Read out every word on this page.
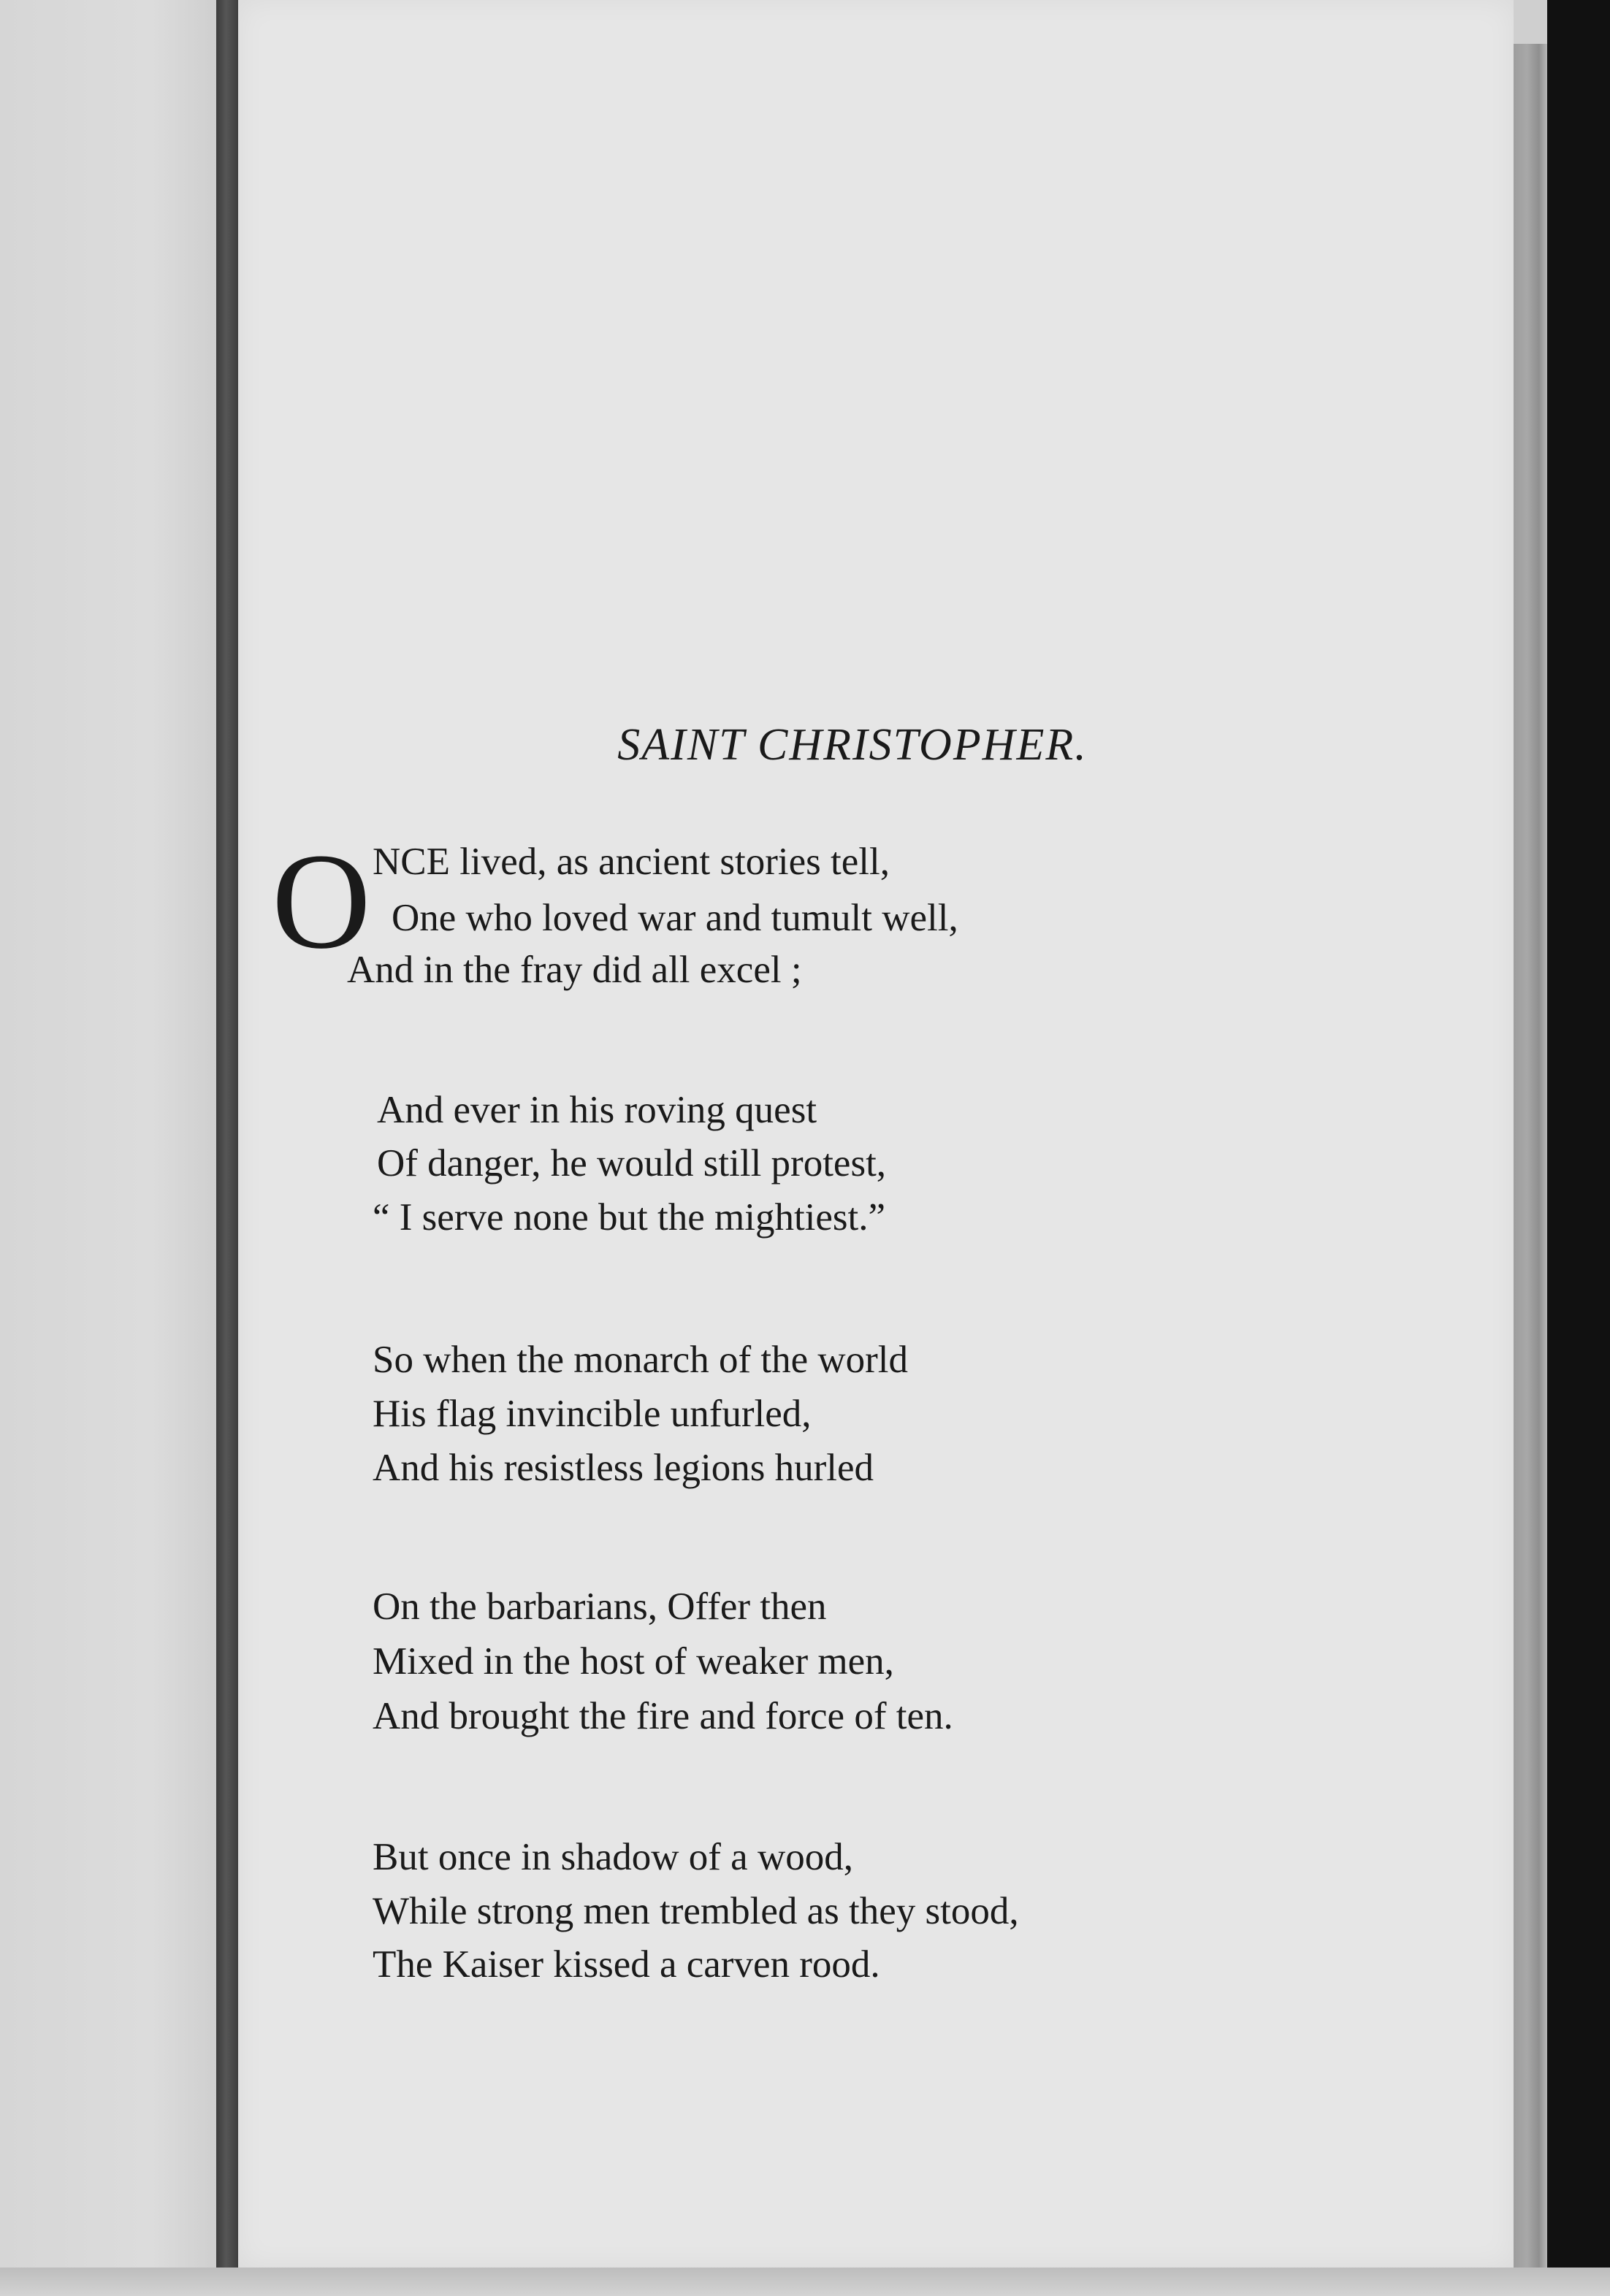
SAINT CHRISTOPHER.
O NCE lived, as ancient stories tell,
One who loved war and tumult well,
And in the fray did all excel ;
And ever in his roving quest
Of danger, he would still protest,
“ I serve none but the mightiest.”
So when the monarch of the world
His flag invincible unfurled,
And his resistless legions hurled
On the barbarians, Offer then
Mixed in the host of weaker men,
And brought the fire and force of ten.
But once in shadow of a wood,
While strong men trembled as they stood,
The Kaiser kissed a carven rood.
